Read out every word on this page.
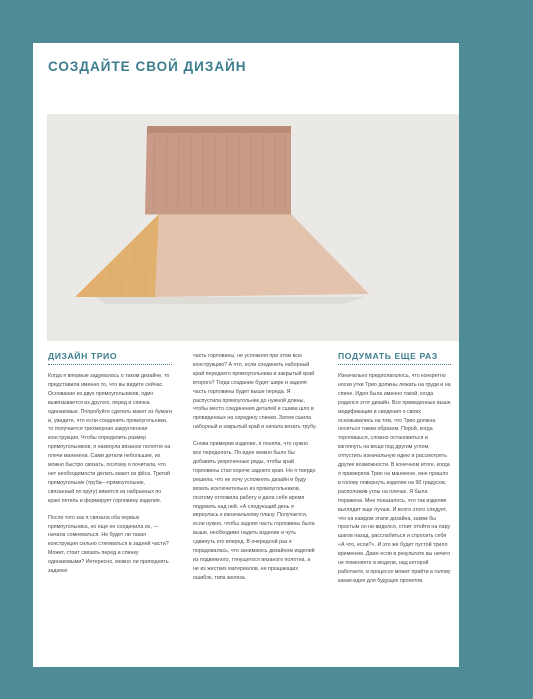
СОЗДАЙТЕ СВОЙ ДИЗАЙН
ДИЗАЙН ТРИО

Когда я впервые задумалась о таком дизайне, то представила именно то, что вы видите сейчас. Основание из двух прямоугольников, один вывязывается из другого, перед и спинка одинаковые. Попробуйте сделать макет из бумаги и, увидите, что если соединить прямоугольники, то получается трехмерная закругленная конструкция. Чтобы определить размер прямоугольников, я накинула вязаное полотно на плечи манекена. Сами детали небольшие, их можно быстро связать, поэтому я почитала, что нет необходимости делать макет из фliса. Третий прямоугольник (труба—прямоугольник, связанный по кругу) вяжется из набранных по краю петель и формирует горловину изделия.

После того как я связала оба первых прямоугольника, но еще не соединила их, — начала сомневаться. Не будет ли такая конструкция сильно стягиваться в задней части? Может, стоит связать перед и спинку одинаковыми? Интересно, можно ли приподнять заднюю

часть горловины, не усложняя при этом всю конструкцию? А что, если соединить наборный край переднего прямоугольника и закрытый край второго? Тогда создание будет шире и задняя часть горловины будет выше переда. Я распустила прямоугольник до нужной длины, чтобы место соединения деталей и сшива шло в провиденных на середину спинки. Затем сшила наборный и закрытый край и начала вязать трубу.

Снова примерив изделие, я поняла, что нужно все переделать. По идее можно было бы добавить укороченные ряды, чтобы край горловины стал короче заднего края. Но я твердо решила, что не хочу усложнять дизайн и буду вязать исключительно из прямоугольников, поэтому отложила работу и дала себе время подумать над ней. «А следующий день я вернулась к изначальному плану. Получается, если нужно, чтобы задняя часть горловины была выше, необходимо надеть изделие и чуть сдвинуть его вперед. В очередной раз я порадовалась, что занимаюсь дизайном изделий из подвижного, тянущегося вязаного полотна, а не из жестких материалов, не прощающих ошибок, типа железа.

ПОДУМАТЬ ЕЩЕ РАЗ

Изначально предполагалось, что конкретно носки утки Трио должны лежать на груди и на спине. Идея была именно такой, когда родился этот дизайн. Все приведенные выше модификации и сведения о своих основывались на том, что Трио должна носиться таким образом. Порой, когда торопишься, сложно остановиться и взглянуть на вещи под другим углом, отпустить изначальную идею и рассмотреть другие возможности. В конечном итоге, когда я примеряла Трио на манекене, мне пришло в голову повернуть изделие на 90 градусов, расположив углы на плечах. Я была поражена. Мне показалось, что так изделие выглядит еще лучше. И всего этого следует, что на каждом этапе дизайна, каким бы простым он ни виделся, стоит отойти на пару шагов назад, расслабиться и спросить себя «А что, если?». И это же будет пустой трилл временем. Даже если в результате вы ничего не поменяете в модели, над которой работаете, в процессе может прийти в голову какая-идея для будущих проектов.
